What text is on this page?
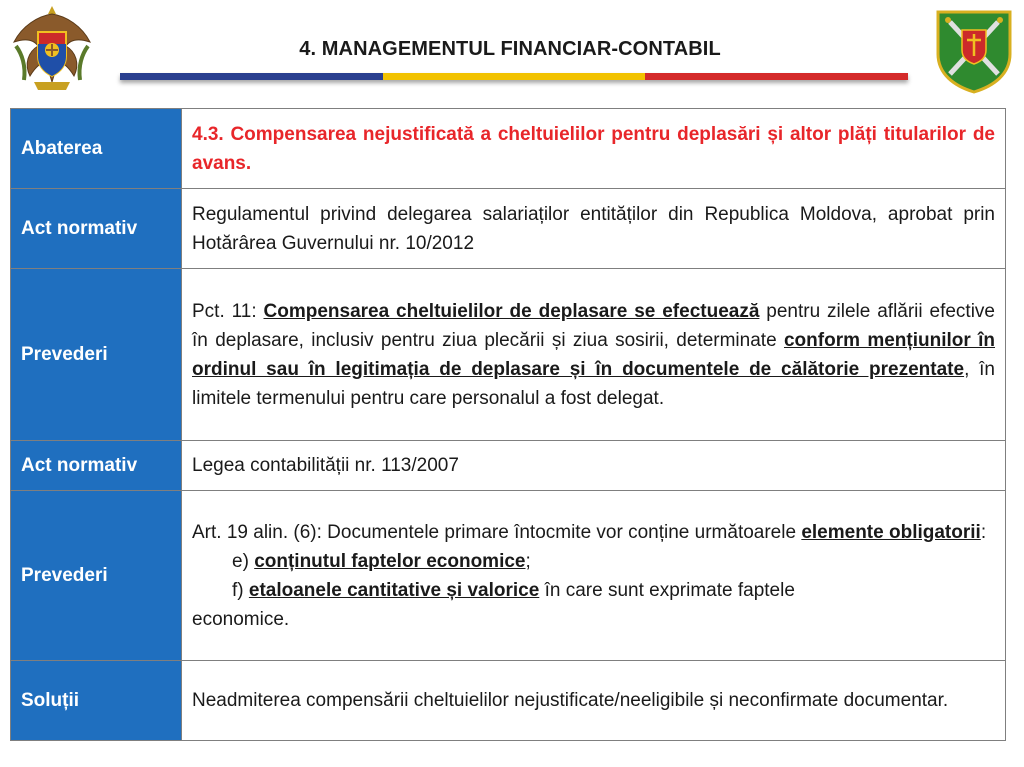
4. MANAGEMENTUL FINANCIAR-CONTABIL
Abaterea	4.3. Compensarea nejustificată a cheltuielilor pentru deplasări și altor plăți titularilor de avans.
Act normativ	Regulamentul privind delegarea salariaților entităților din Republica Moldova, aprobat prin Hotărârea Guvernului nr. 10/2012
Prevederi	Pct. 11: Compensarea cheltuielilor de deplasare se efectuează pentru zilele aflării efective în deplasare, inclusiv pentru ziua plecării și ziua sosirii, determinate conform mențiunilor în ordinul sau în legitimația de deplasare și în documentele de călătorie prezentate, în limitele termenului pentru care personalul a fost delegat.
Act normativ	Legea contabilității nr. 113/2007
Prevederi	Art. 19 alin. (6): Documentele primare întocmite vor conține următoarele elemente obligatorii:
e) conținutul faptelor economice;
f) etaloanele cantitative și valorice în care sunt exprimate faptele
economice.

Soluții	Neadmiterea compensării cheltuielilor nejustificate/neeligibile și neconfirmate documentar.
